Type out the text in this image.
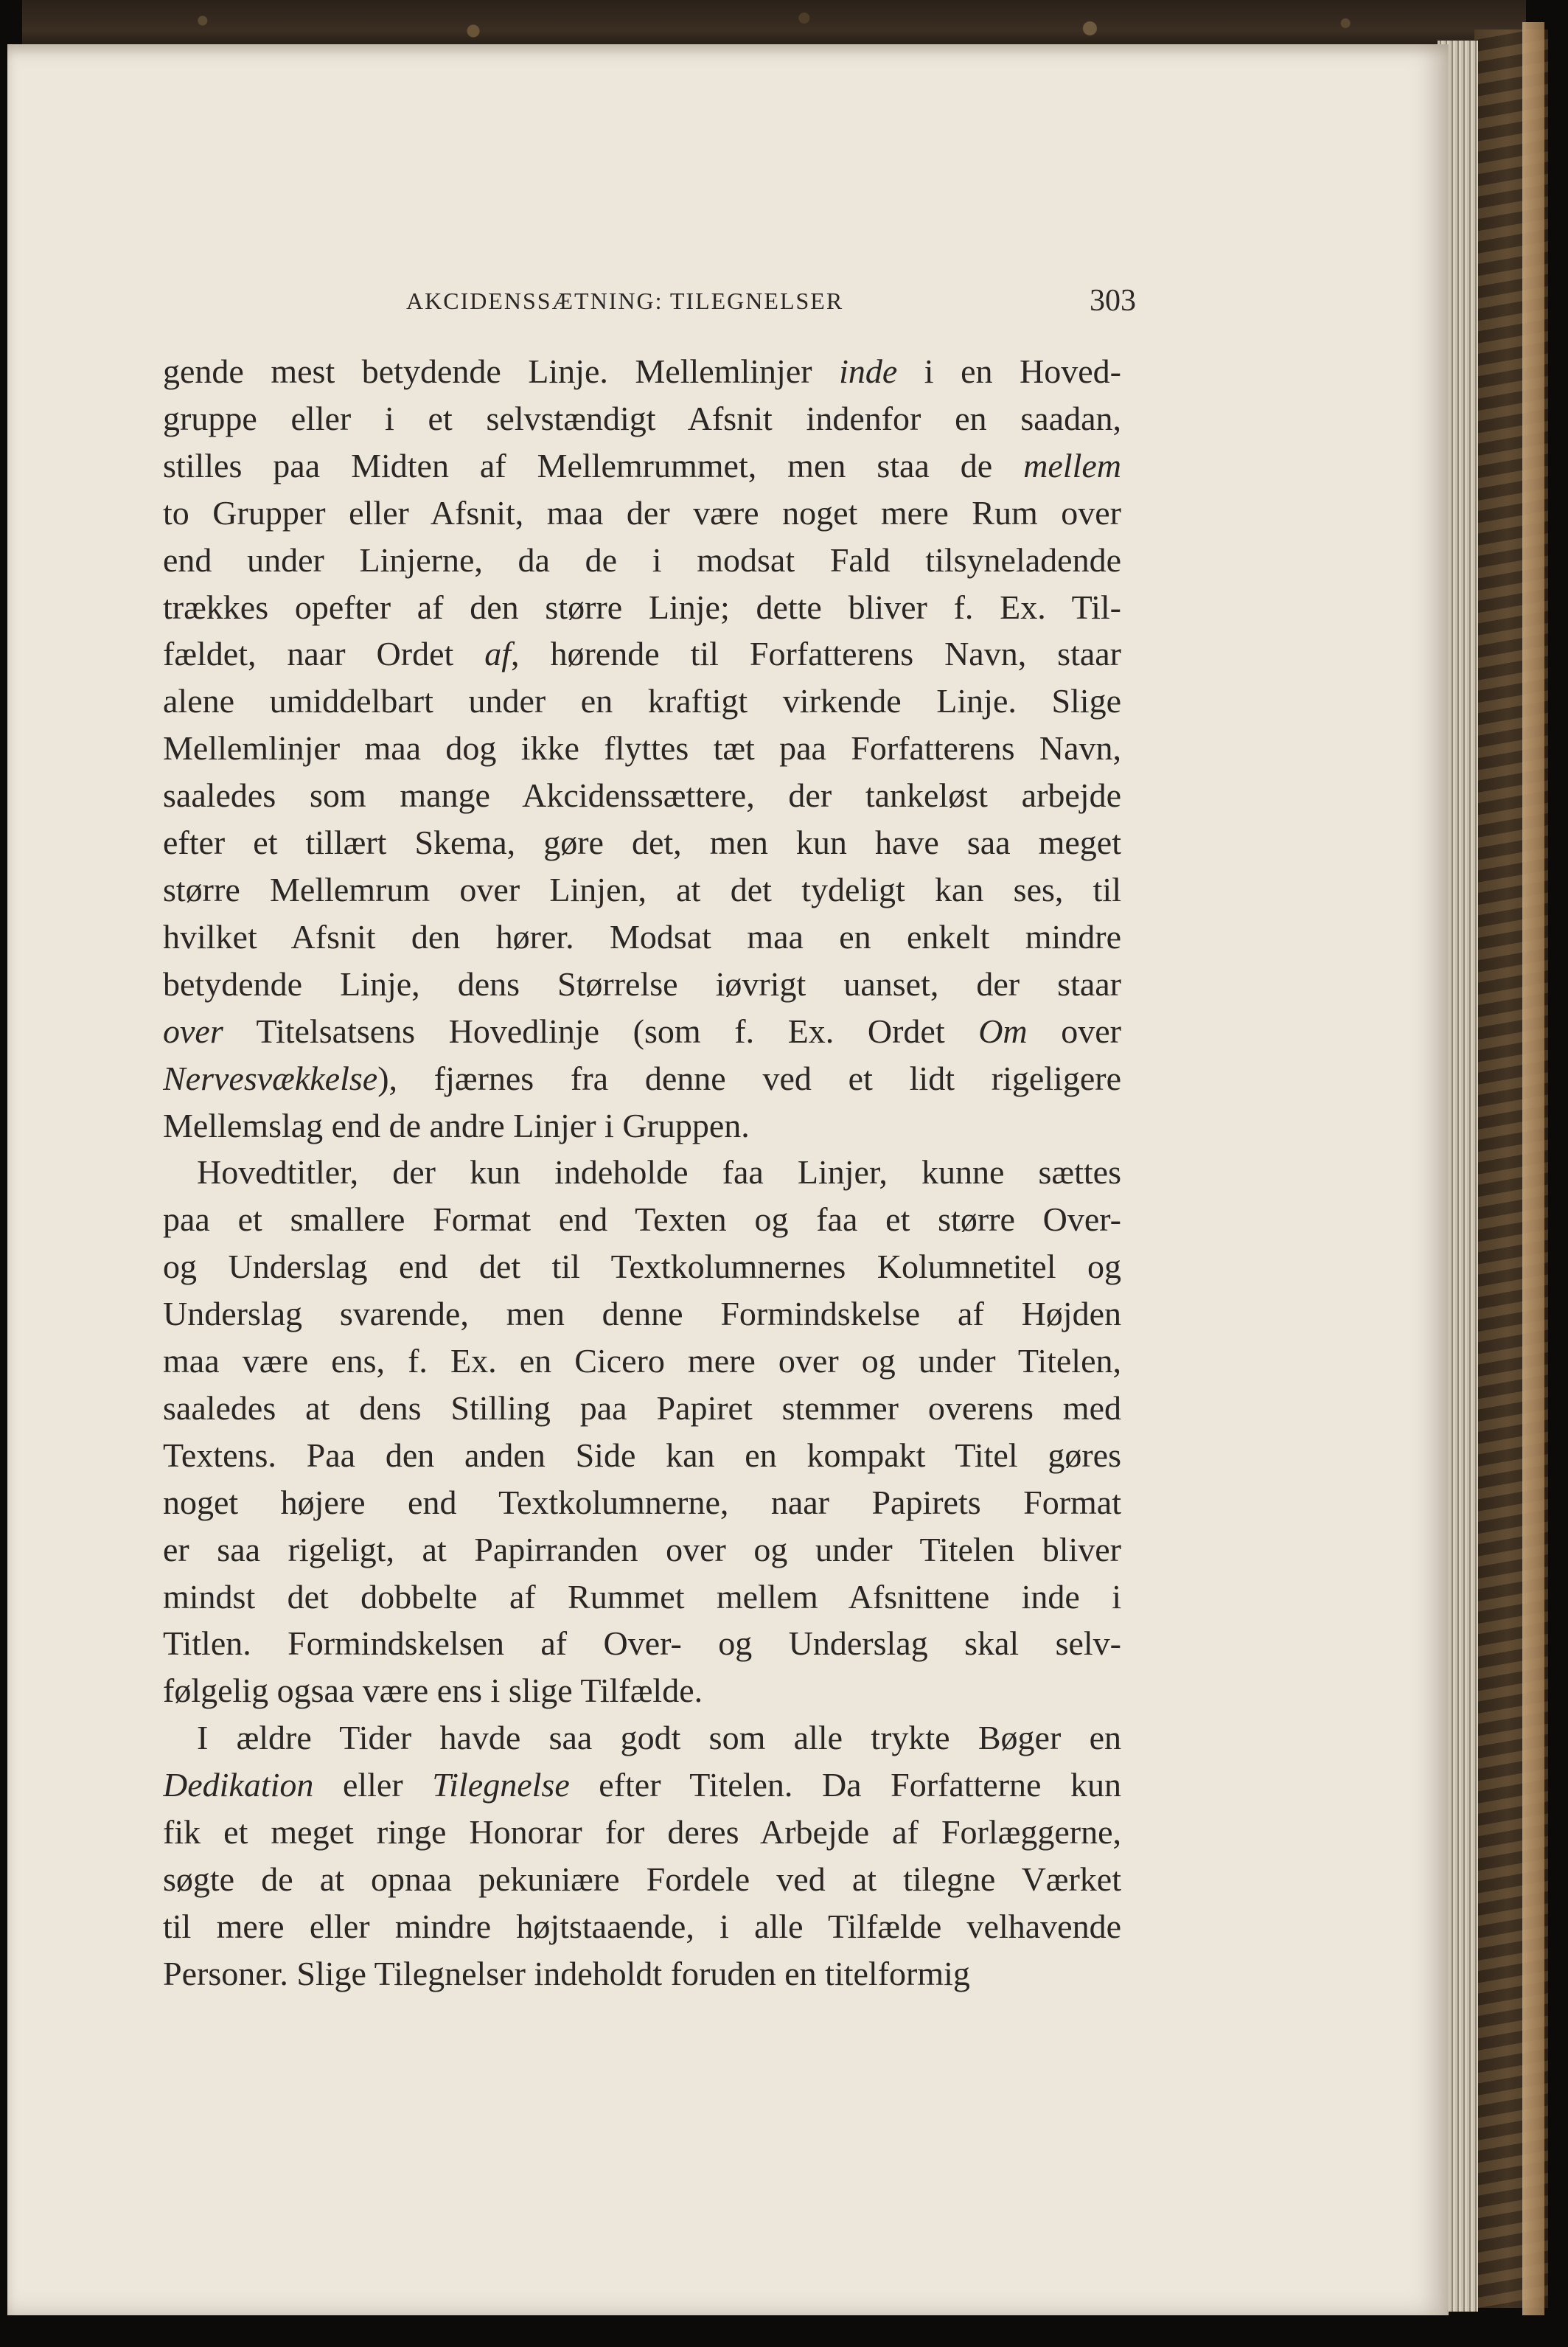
AKCIDENSSÆTNING: TILEGNELSER	303
gende mest betydende Linje. Mellemlinjer inde i en Hoved-
gruppe eller i et selvstændigt Afsnit indenfor en saadan,
stilles paa Midten af Mellemrummet, men staa de mellem
to Grupper eller Afsnit, maa der være noget mere Rum over
end under Linjerne, da de i modsat Fald tilsyneladende
trækkes opefter af den større Linje; dette bliver f. Ex. Til-
fældet, naar Ordet af, hørende til Forfatterens Navn, staar
alene umiddelbart under en kraftigt virkende Linje. Slige
Mellemlinjer maa dog ikke flyttes tæt paa Forfatterens Navn,
saaledes som mange Akcidenssættere, der tankeløst arbejde
efter et tillært Skema, gøre det, men kun have saa meget
større Mellemrum over Linjen, at det tydeligt kan ses, til
hvilket Afsnit den hører. Modsat maa en enkelt mindre
betydende Linje, dens Størrelse iøvrigt uanset, der staar
over Titelsatsens Hovedlinje (som f. Ex. Ordet Om over
Nervesvækkelse), fjærnes fra denne ved et lidt rigeligere
Mellemslag end de andre Linjer i Gruppen.
Hovedtitler, der kun indeholde faa Linjer, kunne sættes
paa et smallere Format end Texten og faa et større Over-
og Underslag end det til Textkolumnernes Kolumnetitel og
Underslag svarende, men denne Formindskelse af Højden
maa være ens, f. Ex. en Cicero mere over og under Titelen,
saaledes at dens Stilling paa Papiret stemmer overens med
Textens. Paa den anden Side kan en kompakt Titel gøres
noget højere end Textkolumnerne, naar Papirets Format
er saa rigeligt, at Papirranden over og under Titelen bliver
mindst det dobbelte af Rummet mellem Afsnittene inde i
Titlen. Formindskelsen af Over- og Underslag skal selv-
følgelig ogsaa være ens i slige Tilfælde.
I ældre Tider havde saa godt som alle trykte Bøger en
Dedikation eller Tilegnelse efter Titelen. Da Forfatterne kun
fik et meget ringe Honorar for deres Arbejde af Forlæggerne,
søgte de at opnaa pekuniære Fordele ved at tilegne Værket
til mere eller mindre højtstaaende, i alle Tilfælde velhavende
Personer. Slige Tilegnelser indeholdt foruden en titelformig
